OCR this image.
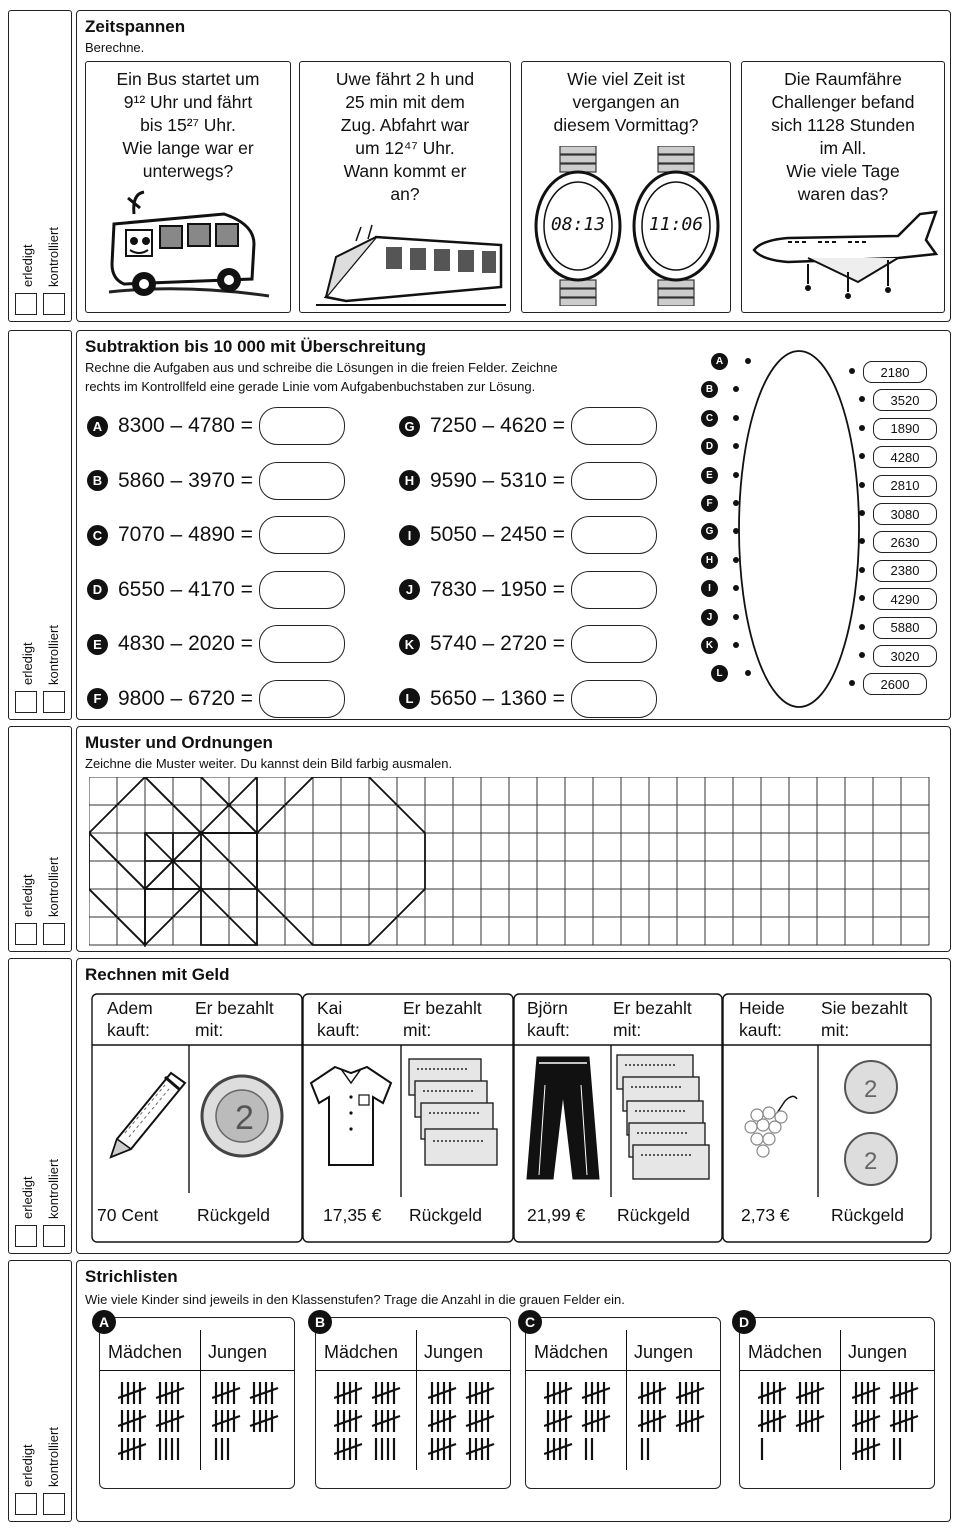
erledigt kontrolliert
erledigt kontrolliert
erledigt kontrolliert
erledigt kontrolliert
erledigt kontrolliert
Zeitspannen
Berechne.
Ein Bus startet um
9¹² Uhr und fährt
bis 15²⁷ Uhr.
Wie lange war er
unterwegs?
Uwe fährt 2 h und
25 min mit dem
Zug. Abfahrt war
um 12⁴⁷ Uhr.
Wann kommt er
an?
Wie viel Zeit ist
vergangen an
diesem Vormittag?
08:13 11:06
Die Raumfähre
Challenger befand
sich 1128 Stunden
im All.
Wie viele Tage
waren das?
Subtraktion bis 10 000 mit Überschreitung
Rechne die Aufgaben aus und schreibe die Lösungen in die freien Felder. Zeichne
rechts im Kontrollfeld eine gerade Linie vom Aufgabenbuchstaben zur Lösung.
A 8300 – 4780 =
B 5860 – 3970 =
C 7070 – 4890 =
D 6550 – 4170 =
E 4830 – 2020 =
F 9800 – 6720 =
G 7250 – 4620 =
H 9590 – 5310 =
I 5050 – 2450 =
J 7830 – 1950 =
K 5740 – 2720 =
L 5650 – 1360 =
A
B
C
D
E
F
G
H
I
J
K
L
2180
3520
1890
4280
2810
3080
2630
2380
4290
5880
3020
2600
Muster und Ordnungen
Zeichne die Muster weiter. Du kannst dein Bild farbig ausmalen.
Rechnen mit Geld
Adem
kauft:
Er bezahlt
mit:
2
70 Cent Rückgeld
Kai
kauft:
Er bezahlt
mit:
17,35 € Rückgeld
Björn
kauft:
Er bezahlt
mit:
21,99 € Rückgeld
Heide
kauft:
Sie bezahlt
mit:
2
2
2,73 € Rückgeld
Strichlisten
Wie viele Kinder sind jeweils in den Klassenstufen? Trage die Anzahl in die grauen Felder ein.
A
Mädchen Jungen
B
Mädchen Jungen
C
Mädchen Jungen
D
Mädchen Jungen
